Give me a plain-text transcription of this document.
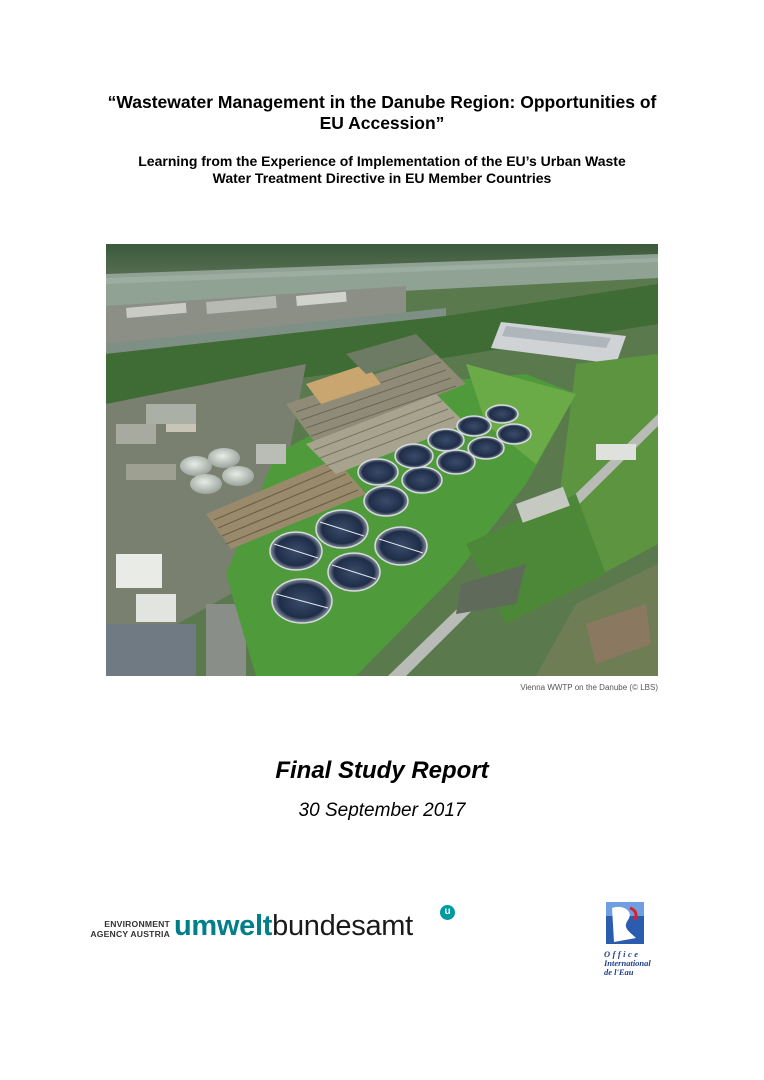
“Wastewater Management in the Danube Region: Opportunities of
EU Accession”
Learning from the Experience of Implementation of the EU’s Urban Waste
Water Treatment Directive in EU Member Countries
Vienna WWTP on the Danube (© LBS)
Final Study Report
30 September 2017
ENVIRONMENT
AGENCY AUSTRIA umweltbundesamt	u
Office
International
de l'Eau
